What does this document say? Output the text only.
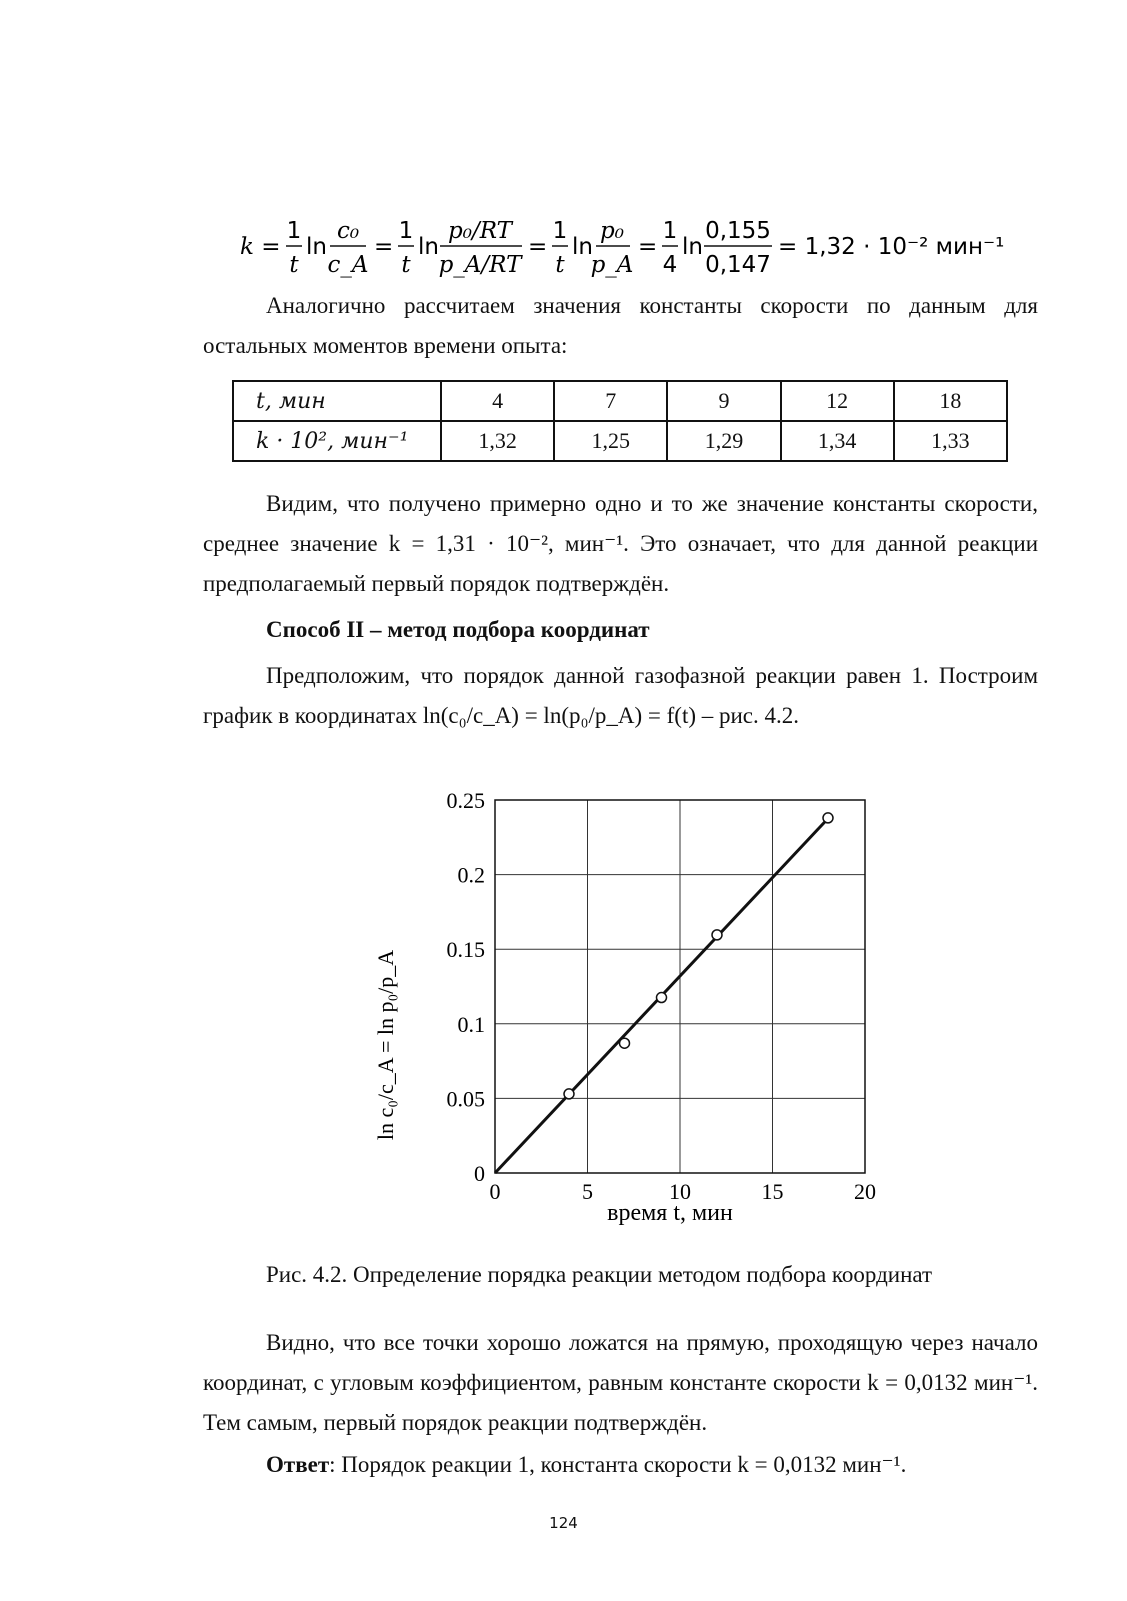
k =
1
t
ln
c₀
c_A
=
1
t
ln
p₀/RT
p_A/RT
=
1
t
ln
p₀
p_A
=
1
4
ln
0,155
0,147
= 1,32 · 10⁻² мин⁻¹
Аналогично рассчитаем значения константы скорости по данным для остальных моментов времени опыта:
t, мин	4	7	9	12	18
k · 10², мин⁻¹	1,32	1,25	1,29	1,34	1,33
Видим, что получено примерно одно и то же значение константы скорости, среднее значение k = 1,31 · 10⁻², мин⁻¹. Это означает, что для данной реакции предполагаемый первый порядок подтверждён.
Способ II – метод подбора координат
Предположим, что порядок данной газофазной реакции равен 1. Построим график в координатах ln(c₀/c_A) = ln(p₀/p_A) = f(t) – рис. 4.2.
0	5	10	15	20
0
0.05
0.1
0.15
0.2
0.25
время t, мин
ln c₀/c_A = ln p₀/p_A
Рис. 4.2. Определение порядка реакции методом подбора координат
Видно, что все точки хорошо ложатся на прямую, проходящую через начало координат, с угловым коэффициентом, равным константе скорости k = 0,0132 мин⁻¹. Тем самым, первый порядок реакции подтверждён.
Ответ: Порядок реакции 1, константа скорости k = 0,0132 мин⁻¹.
124
